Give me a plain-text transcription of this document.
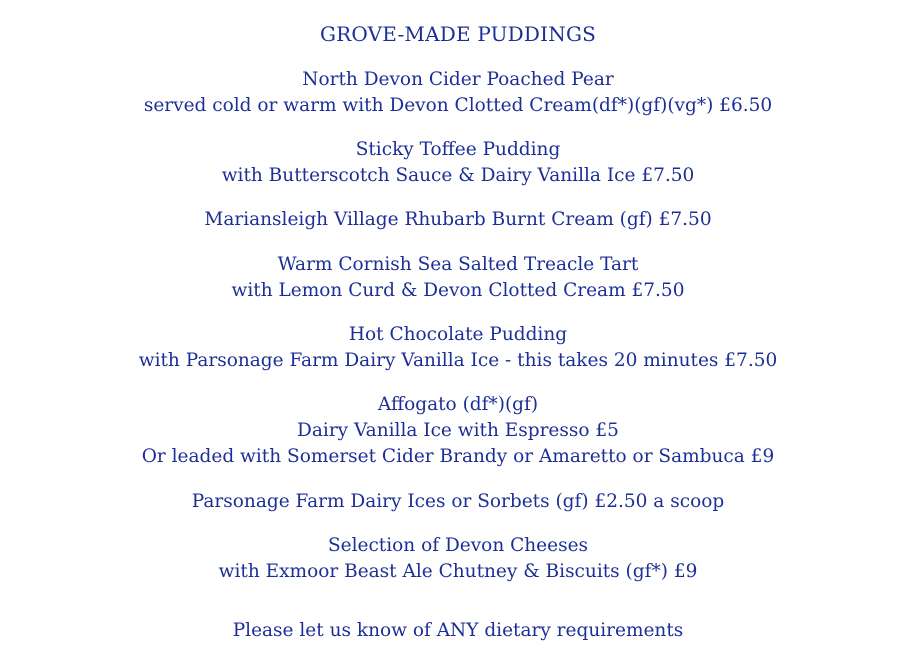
GROVE-MADE PUDDINGS
North Devon Cider Poached Pear
served cold or warm with Devon Clotted Cream(df*)(gf)(vg*) £6.50
Sticky Toffee Pudding
with Butterscotch Sauce & Dairy Vanilla Ice £7.50
Mariansleigh Village Rhubarb Burnt Cream (gf) £7.50
Warm Cornish Sea Salted Treacle Tart
with Lemon Curd & Devon Clotted Cream £7.50
Hot Chocolate Pudding
with Parsonage Farm Dairy Vanilla Ice - this takes 20 minutes £7.50
Affogato (df*)(gf)
Dairy Vanilla Ice with Espresso £5
Or leaded with Somerset Cider Brandy or Amaretto or Sambuca £9
Parsonage Farm Dairy Ices or Sorbets (gf) £2.50 a scoop
Selection of Devon Cheeses
with Exmoor Beast Ale Chutney & Biscuits (gf*) £9
Please let us know of ANY dietary requirements
